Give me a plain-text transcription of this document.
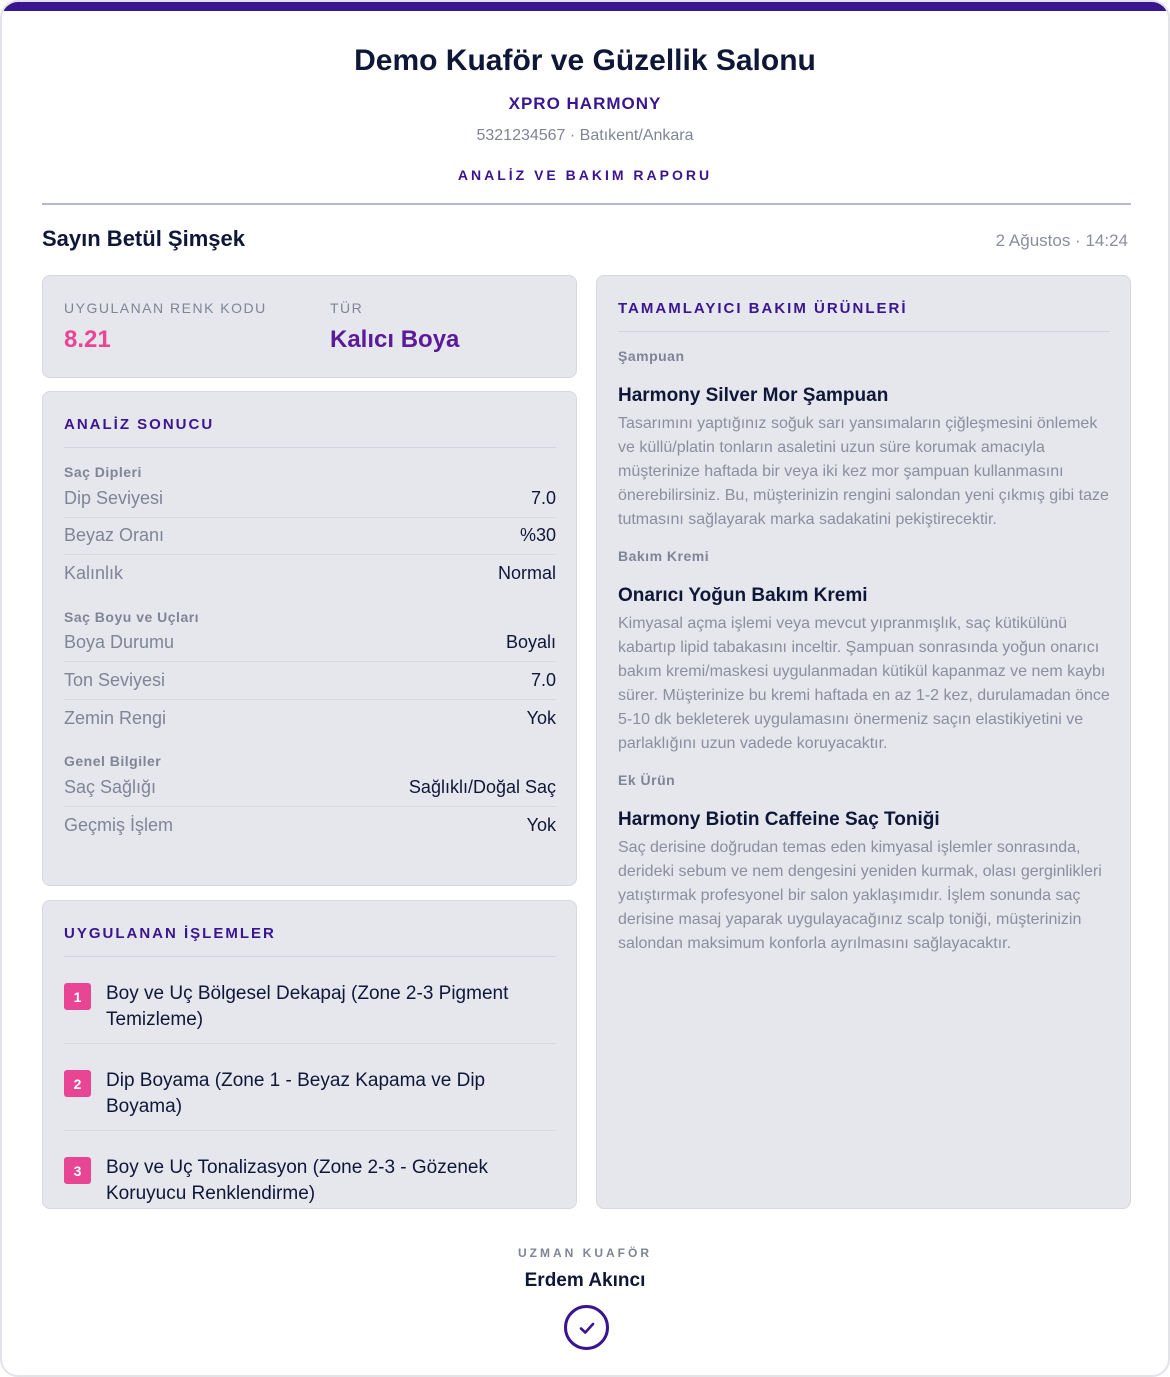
Demo Kuaför ve Güzellik Salonu
XPRO HARMONY
5321234567 · Batıkent/Ankara
ANALİZ VE BAKIM RAPORU
Sayın Betül Şimşek	2 Ağustos · 14:24
UYGULANAN RENK KODU
8.21
TÜR
Kalıcı Boya
ANALİZ SONUCU
Saç Dipleri
Dip Seviyesi	7.0
Beyaz Oranı	%30
Kalınlık	Normal
Saç Boyu ve Uçları
Boya Durumu	Boyalı
Ton Seviyesi	7.0
Zemin Rengi	Yok
Genel Bilgiler
Saç Sağlığı	Sağlıklı/Doğal Saç
Geçmiş İşlem	Yok
UYGULANAN İŞLEMLER
1	Boy ve Uç Bölgesel Dekapaj (Zone 2-3 Pigment Temizleme)
2	Dip Boyama (Zone 1 - Beyaz Kapama ve Dip Boyama)
3	Boy ve Uç Tonalizasyon (Zone 2-3 - Gözenek Koruyucu Renklendirme)
TAMAMLAYICI BAKIM ÜRÜNLERİ
Şampuan
Harmony Silver Mor Şampuan
Tasarımını yaptığınız soğuk sarı yansımaların çiğleşmesini önlemek ve küllü/platin tonların asaletini uzun süre korumak amacıyla müşterinize haftada bir veya iki kez mor şampuan kullanmasını önerebilirsiniz. Bu, müşterinizin rengini salondan yeni çıkmış gibi taze tutmasını sağlayarak marka sadakatini pekiştirecektir.
Bakım Kremi
Onarıcı Yoğun Bakım Kremi
Kimyasal açma işlemi veya mevcut yıpranmışlık, saç kütikülünü kabartıp lipid tabakasını inceltir. Şampuan sonrasında yoğun onarıcı bakım kremi/maskesi uygulanmadan kütikül kapanmaz ve nem kaybı sürer. Müşterinize bu kremi haftada en az 1-2 kez, durulamadan önce 5-10 dk bekleterek uygulamasını önermeniz saçın elastikiyetini ve parlaklığını uzun vadede koruyacaktır.
Ek Ürün
Harmony Biotin Caffeine Saç Toniği
Saç derisine doğrudan temas eden kimyasal işlemler sonrasında, derideki sebum ve nem dengesini yeniden kurmak, olası gerginlikleri yatıştırmak profesyonel bir salon yaklaşımıdır. İşlem sonunda saç derisine masaj yaparak uygulayacağınız scalp toniği, müşterinizin salondan maksimum konforla ayrılmasını sağlayacaktır.
UZMAN KUAFÖR
Erdem Akıncı
